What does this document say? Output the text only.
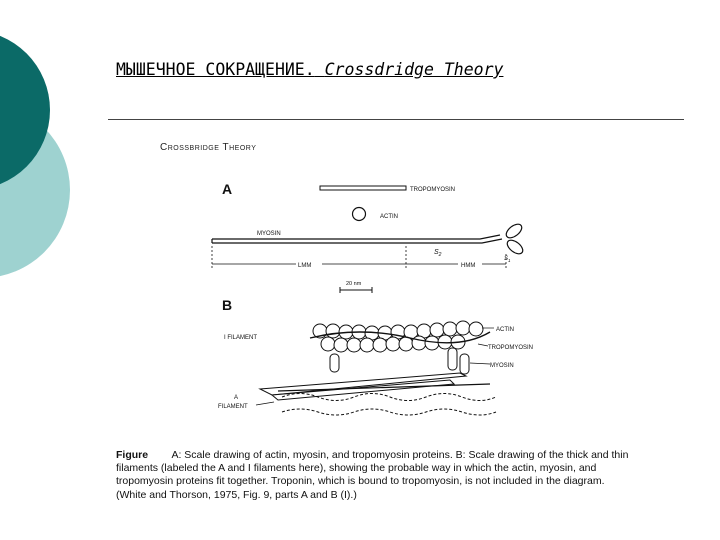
МЫШЕЧНОЕ СОКРАЩЕНИЕ. Crossdridge Theory
Crossbridge Theory
A	TROPOMYOSIN
ACTIN
MYOSIN
$S_2$
$S_1$
LMM	HMM
20 nm
B
I FILAMENT
ACTIN
TROPOMYOSIN
MYOSIN
A
FILAMENT
Figure A: Scale drawing of actin, myosin, and tropomyosin proteins. B: Scale drawing of the thick and thin filaments (labeled the A and I filaments here), showing the probable way in which the actin, myosin, and tropomyosin proteins fit together. Troponin, which is bound to tropomyosin, is not included in the diagram. (White and Thorson, 1975, Fig. 9, parts A and B (I).)
